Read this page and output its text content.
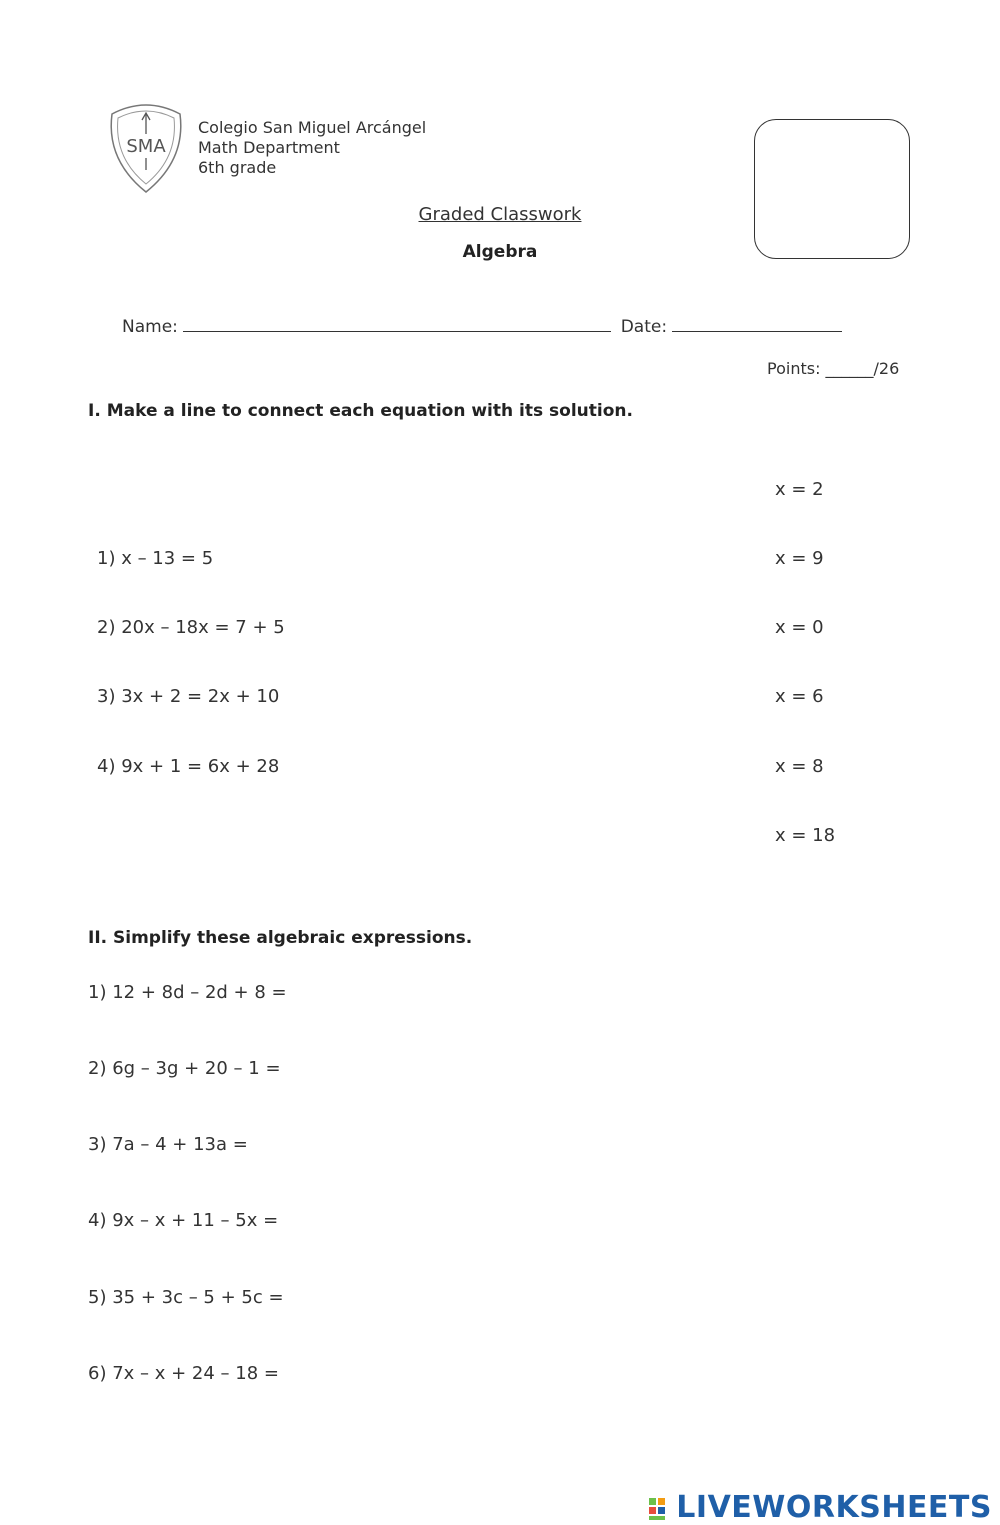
SMA
Colegio San Miguel Arcángel
Math Department
6th grade
Graded Classwork
Algebra
Name:	Date:
Points: ______/26
I. Make a line to connect each equation with its solution.
1) x – 13 = 5
2) 20x – 18x = 7 + 5
3) 3x + 2 = 2x + 10
4) 9x + 1 = 6x + 28
x = 2
x = 9
x = 0
x = 6
x = 8
x = 18
II. Simplify these algebraic expressions.
1) 12 + 8d – 2d + 8 =
2) 6g – 3g + 20 – 1 =
3) 7a – 4 + 13a =
4) 9x – x + 11 – 5x =
5) 35 + 3c – 5 + 5c =
6) 7x – x + 24 – 18 =
LIVEWORKSHEETS
